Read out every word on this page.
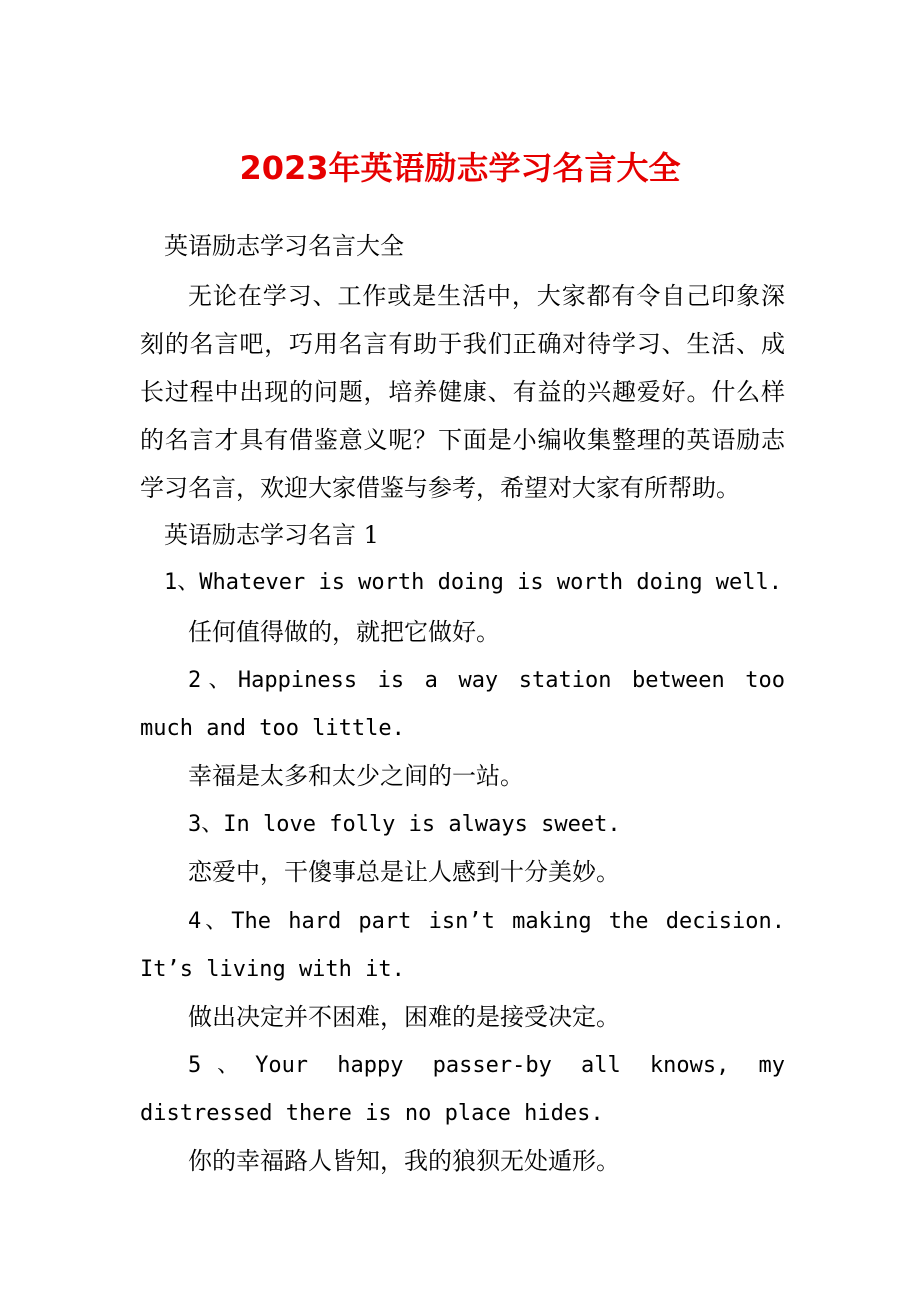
2023年英语励志学习名言大全

英语励志学习名言大全

无论在学习、工作或是生活中，大家都有令自己印象深刻的名言吧，巧用名言有助于我们正确对待学习、生活、成长过程中出现的问题，培养健康、有益的兴趣爱好。什么样的名言才具有借鉴意义呢？下面是小编收集整理的英语励志学习名言，欢迎大家借鉴与参考，希望对大家有所帮助。

英语励志学习名言 1

1、Whatever is worth doing is worth doing well.

任何值得做的，就把它做好。

2、Happiness is a way station between too much and too little.

幸福是太多和太少之间的一站。

3、In love folly is always sweet.

恋爱中，干傻事总是让人感到十分美妙。

4、The hard part isn’t making the decision. It’s living with it.

做出决定并不困难，困难的是接受决定。

5、Your happy passer-by all knows, my distressed there is no place hides.

你的幸福路人皆知，我的狼狈无处遁形。
